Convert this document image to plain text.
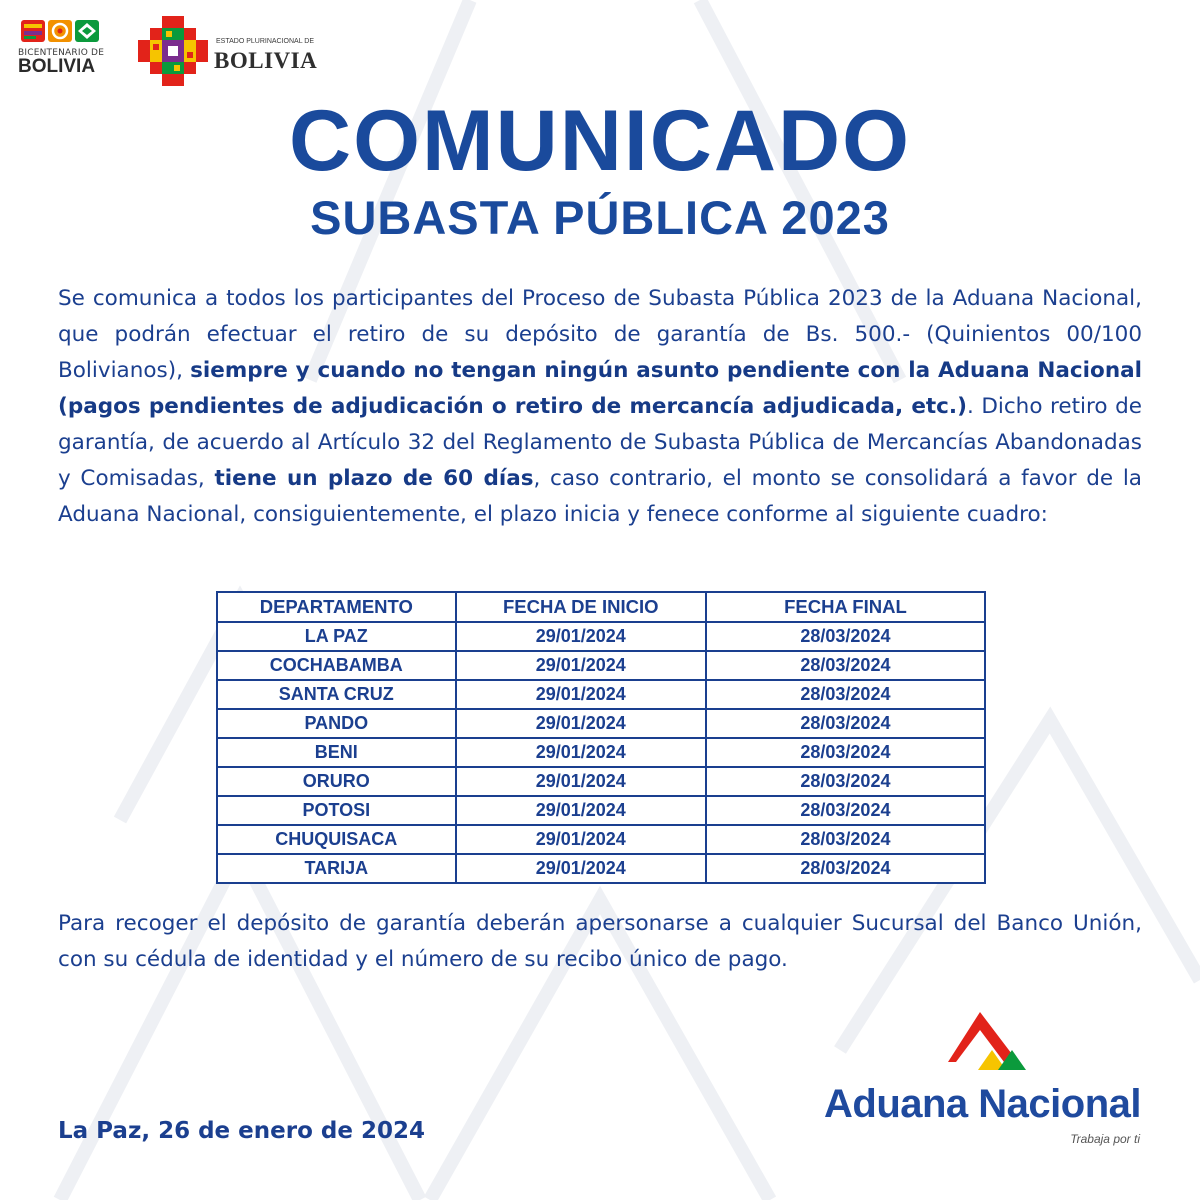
BICENTENARIO DE
BOLIVIA
ESTADO PLURINACIONAL DE
BOLIVIA
COMUNICADO
SUBASTA PÚBLICA 2023

Se comunica a todos los participantes del Proceso de Subasta Pública 2023 de la Aduana Nacional, que podrán efectuar el retiro de su depósito de garantía de Bs. 500.- (Quinientos 00/100 Bolivianos), siempre y cuando no tengan ningún asunto pendiente con la Aduana Nacional (pagos pendientes de adjudicación o retiro de mercancía adjudicada, etc.). Dicho retiro de garantía, de acuerdo al Artículo 32 del Reglamento de Subasta Pública de Mercancías Abandonadas y Comisadas, tiene un plazo de 60 días, caso contrario, el monto se consolidará a favor de la Aduana Nacional, consiguientemente, el plazo inicia y fenece conforme al siguiente cuadro:

DEPARTAMENTO	FECHA DE INICIO	FECHA FINAL
LA PAZ	29/01/2024	28/03/2024
COCHABAMBA	29/01/2024	28/03/2024
SANTA CRUZ	29/01/2024	28/03/2024
PANDO	29/01/2024	28/03/2024
BENI	29/01/2024	28/03/2024
ORURO	29/01/2024	28/03/2024
POTOSI	29/01/2024	28/03/2024
CHUQUISACA	29/01/2024	28/03/2024
TARIJA	29/01/2024	28/03/2024

Para recoger el depósito de garantía deberán apersonarse a cualquier Sucursal del Banco Unión, con su cédula de identidad y el número de su recibo único de pago.

La Paz, 26 de enero de 2024
Aduana Nacional
Trabaja por ti
